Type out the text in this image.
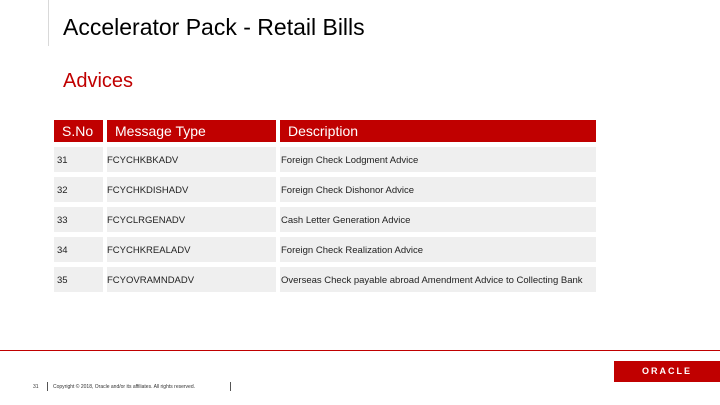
Accelerator Pack - Retail Bills
Advices
S.No	Message Type	Description
31	FCYCHKBKADV	Foreign Check Lodgment Advice
32	FCYCHKDISHADV	Foreign Check Dishonor Advice
33	FCYCLRGENADV	Cash Letter Generation Advice
34	FCYCHKREALADV	Foreign Check Realization Advice
35	FCYOVRAMNDADV	Overseas Check payable abroad Amendment Advice to Collecting Bank
ORACLE
31	Copyright © 2018, Oracle and/or its affiliates. All rights reserved.
